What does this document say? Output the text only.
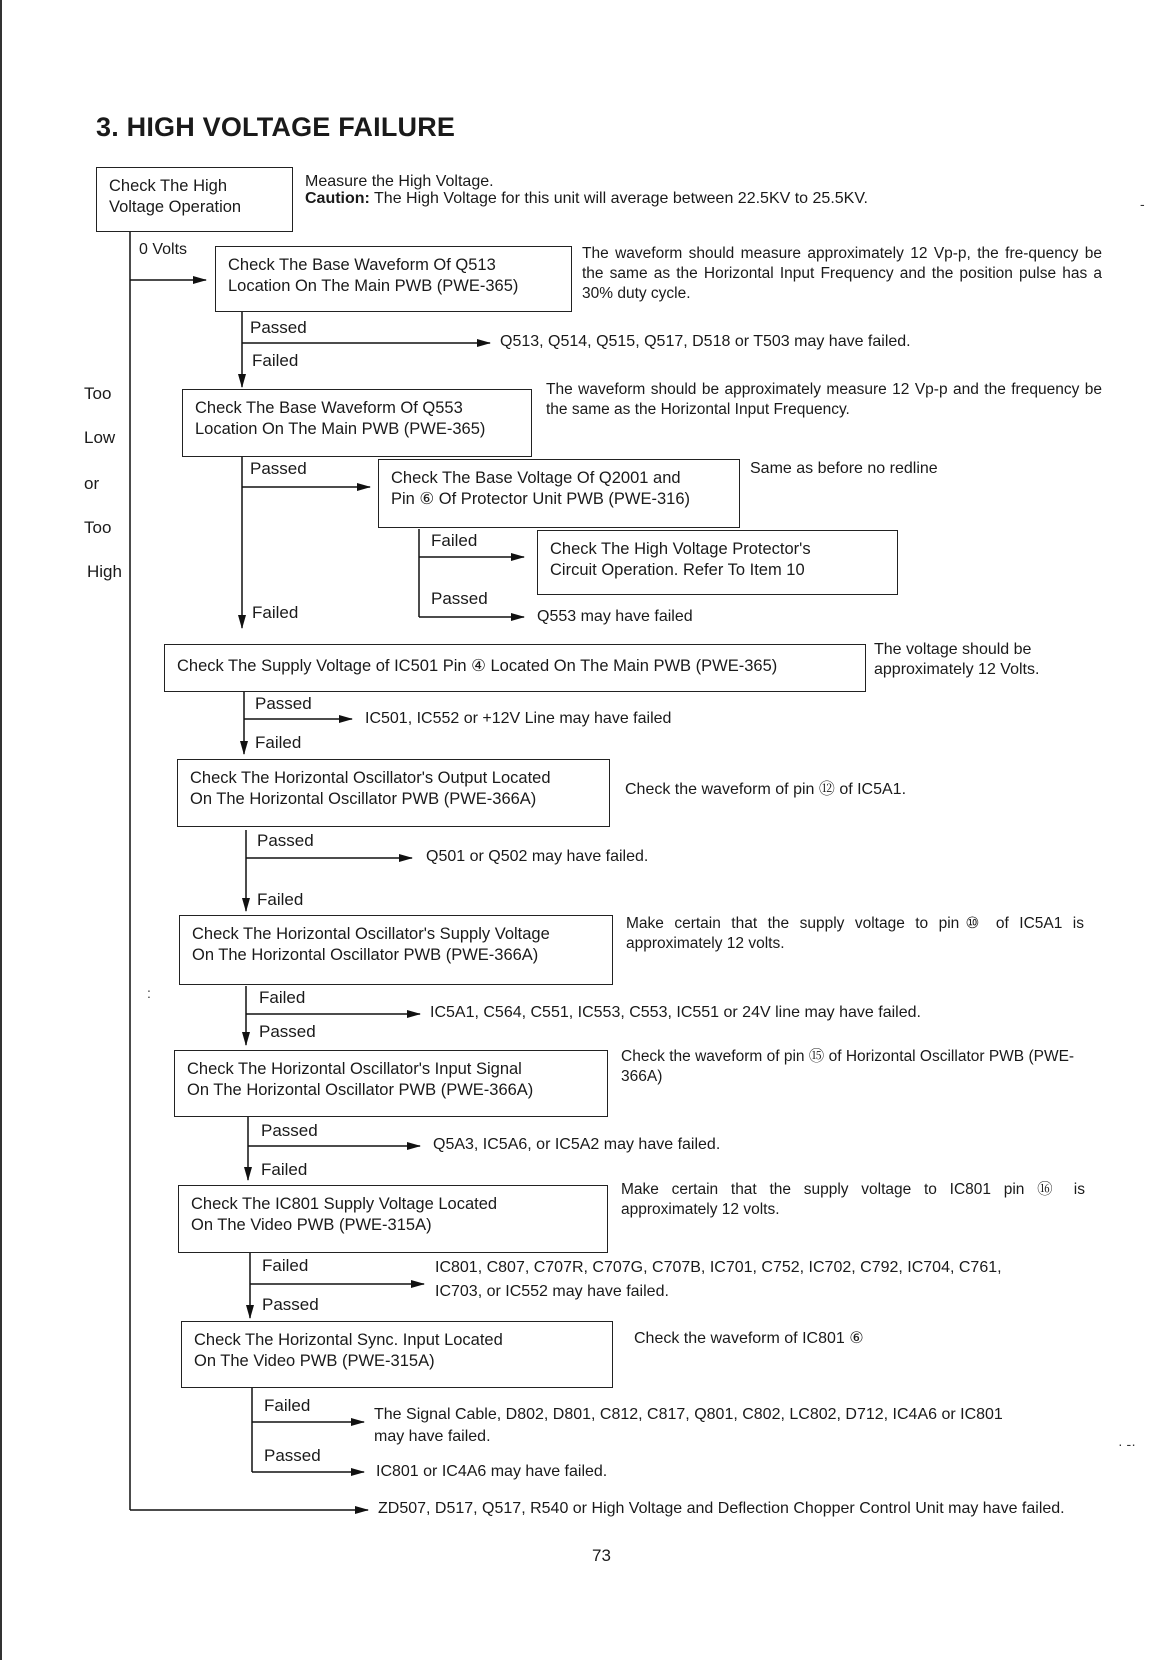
3. HIGH VOLTAGE FAILURE
Check The High
Voltage Operation
Measure the High Voltage.
Caution: The High Voltage for this unit will average between 22.5KV to 25.5KV.
0 Volts
Too
Low
or
Too
High
Check The Base Waveform Of Q513
Location On The Main PWB (PWE-365)
The waveform should measure approximately 12 Vp-p, the fre-quency be the same as the Horizontal Input Frequency and the position pulse has a 30% duty cycle.
Passed
Q513, Q514, Q515, Q517, D518 or T503 may have failed.
Failed
Check The Base Waveform Of Q553
Location On The Main PWB (PWE-365)
The waveform should be approximately measure 12 Vp-p and the frequency be the same as the Horizontal Input Frequency.
Passed	Check The Base Voltage Of Q2001 and
Pin ⑥ Of Protector Unit PWB (PWE-316)
Same as before no redline
Failed	Check The High Voltage Protector's
Circuit Operation. Refer To Item 10
Passed
Q553 may have failed
Failed
Check The Supply Voltage of IC501 Pin ④ Located On The Main PWB (PWE-365)
The voltage should be
approximately 12 Volts.
Passed
IC501, IC552 or +12V Line may have failed
Failed
Check The Horizontal Oscillator's Output Located
On The Horizontal Oscillator PWB (PWE-366A)
Check the waveform of pin ⑫ of IC5A1.
Passed
Q501 or Q502 may have failed.
Failed
Check The Horizontal Oscillator's Supply Voltage
On The Horizontal Oscillator PWB (PWE-366A)
Make certain that the supply voltage to pin⑩ of IC5A1 is approximately 12 volts.
Failed
IC5A1, C564, C551, IC553, C553, IC551 or 24V line may have failed.
Passed
:
Check The Horizontal Oscillator's Input Signal
On The Horizontal Oscillator PWB (PWE-366A)
Check the waveform of pin ⑮ of Horizontal Oscillator PWB (PWE-366A)
Passed
Q5A3, IC5A6, or IC5A2 may have failed.
Failed
Check The IC801 Supply Voltage Located
On The Video PWB (PWE-315A)
Make certain that the supply voltage to IC801 pin ⑯ is approximately 12 volts.
Failed	IC801, C807, C707R, C707G, C707B, IC701, C752, IC702, C792, IC704, C761,
IC703, or IC552 may have failed.
Passed
Check The Horizontal Sync. Input Located
On The Video PWB (PWE-315A)
Check the waveform of IC801 ⑥
Failed	The Signal Cable, D802, D801, C812, C817, Q801, C802, LC802, D712, IC4A6 or IC801
may have failed.
Passed
IC801 or IC4A6 may have failed.
ZD507, D517, Q517, R540 or High Voltage and Deflection Chopper Control Unit may have failed.
73
‐
· ‐·
